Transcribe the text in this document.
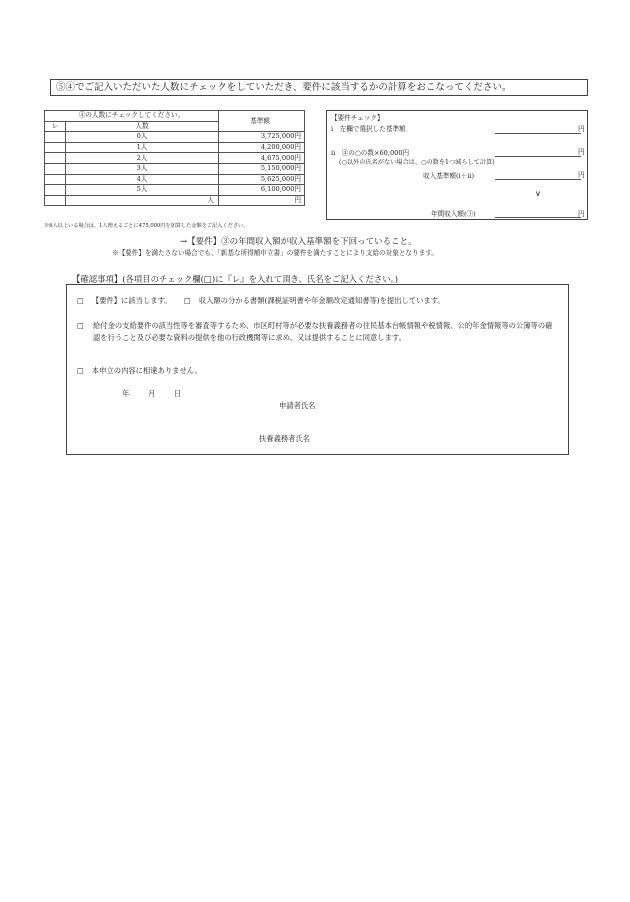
⑤④でご記入いただいた人数にチェックをしていただき、要件に該当するかの計算をおこなってください。
④の人数にチェックしてください。		基準額
レ	人数	
	0人	3,725,000円
	1人	4,200,000円
	2人	4,675,000円
	3人	5,150,000円
	4人	5,625,000円
	5人	6,100,000円
	人	円
※6人以上いる場合は、1人増えるごとに475,000円を加算した金額をご記入ください。
【要件チェック】
i　左欄で選択した基準額	円
ii　④の○の数×60,000円	円
(○以外の氏名がない場合は、○の数を1つ減らして計算)
収入基準額(i＋ii)	円
∨
年間収入額(③)	円
→【要件】③の年間収入額が収入基準額を下回っていること。
※【要件】を満たさない場合でも、「新基な所得額申立書」の要件を満たすことにより支給の対象となります。
【確認事項】(各項目のチェック欄(□)に『レ』を入れて頂き、氏名をご記入ください。)
□ 【要件】に該当します。 □ 収入額の分かる書類(課税証明書や年金額改定通知書等)を提出しています。
□	給付金の支給要件の該当性等を審査等するため、市区町村等が必要な扶養義務者の住民基本台帳情報や税情報、公的年金情報等の公簿等の確認を行うこと及び必要な資料の提供を他の行政機関等に求め、又は提供することに同意します。
□ 本申立の内容に相違ありません。
年	月	日
申請者氏名
扶養義務者氏名
